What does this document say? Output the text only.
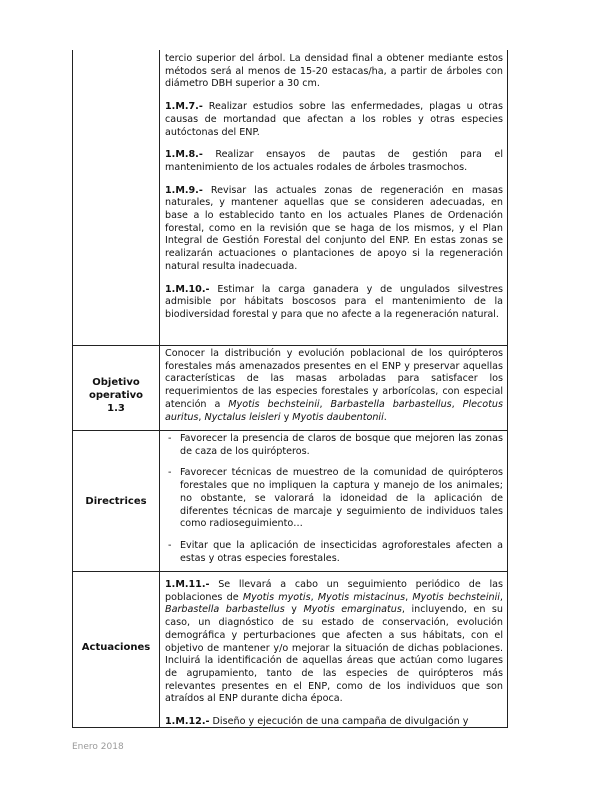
tercio superior del árbol. La densidad final a obtener mediante estos métodos será al menos de 15-20 estacas/ha, a partir de árboles con diámetro DBH superior a 30 cm.

1.M.7.- Realizar estudios sobre las enfermedades, plagas u otras causas de mortandad que afectan a los robles y otras especies autóctonas del ENP.

1.M.8.- Realizar ensayos de pautas de gestión para el mantenimiento de los actuales rodales de árboles trasmochos.

1.M.9.- Revisar las actuales zonas de regeneración en masas naturales, y mantener aquellas que se consideren adecuadas, en base a lo establecido tanto en los actuales Planes de Ordenación forestal, como en la revisión que se haga de los mismos, y el Plan Integral de Gestión Forestal del conjunto del ENP. En estas zonas se realizarán actuaciones o plantaciones de apoyo si la regeneración natural resulta inadecuada.

1.M.10.- Estimar la carga ganadera y de ungulados silvestres admisible por hábitats boscosos para el mantenimiento de la biodiversidad forestal y para que no afecte a la regeneración natural.

Objetivo operativo 1.3

Conocer la distribución y evolución poblacional de los quirópteros forestales más amenazados presentes en el ENP y preservar aquellas características de las masas arboladas para satisfacer los requerimientos de las especies forestales y arborícolas, con especial atención a Myotis bechsteinii, Barbastella barbastellus, Plecotus auritus, Nyctalus leisleri y Myotis daubentonii.

Directrices
- Favorecer la presencia de claros de bosque que mejoren las zonas de caza de los quirópteros.
- Favorecer técnicas de muestreo de la comunidad de quirópteros forestales que no impliquen la captura y manejo de los animales; no obstante, se valorará la idoneidad de la aplicación de diferentes técnicas de marcaje y seguimiento de individuos tales como radioseguimiento…
- Evitar que la aplicación de insecticidas agroforestales afecten a estas y otras especies forestales.
Actuaciones

1.M.11.- Se llevará a cabo un seguimiento periódico de las poblaciones de Myotis myotis, Myotis mistacinus, Myotis bechsteinii, Barbastella barbastellus y Myotis emarginatus, incluyendo, en su caso, un diagnóstico de su estado de conservación, evolución demográfica y perturbaciones que afecten a sus hábitats, con el objetivo de mantener y/o mejorar la situación de dichas poblaciones. Incluirá la identificación de aquellas áreas que actúan como lugares de agrupamiento, tanto de las especies de quirópteros más relevantes presentes en el ENP, como de los individuos que son atraídos al ENP durante dicha época.

1.M.12.- Diseño y ejecución de una campaña de divulgación y

Enero 2018
